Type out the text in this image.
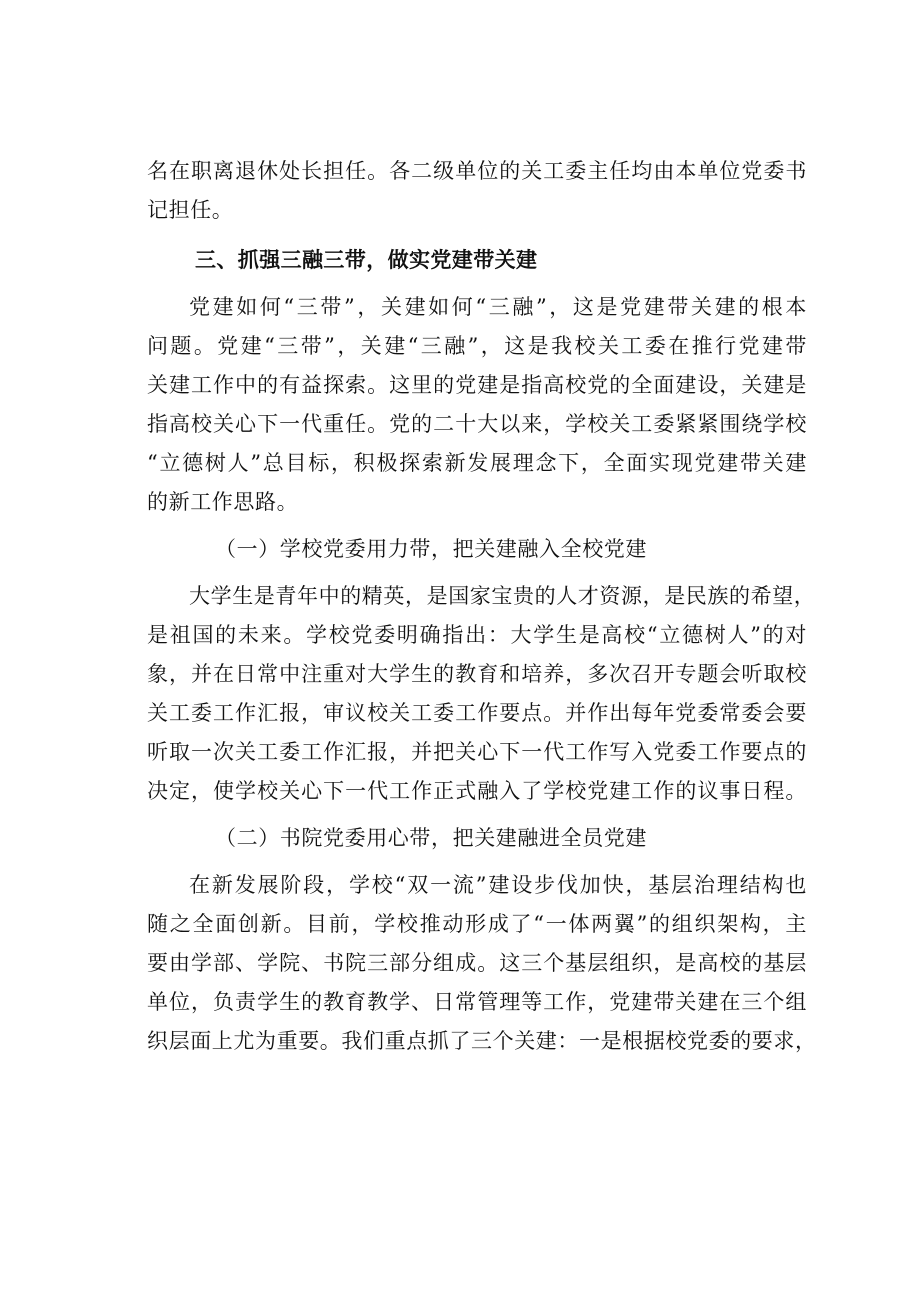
名在职离退休处长担任。各二级单位的关工委主任均由本单位党委书
记担任。
三、抓强三融三带，做实党建带关建
党建如何“三带”，关建如何“三融”，这是党建带关建的根本
问题。党建“三带”，关建“三融”，这是我校关工委在推行党建带
关建工作中的有益探索。这里的党建是指高校党的全面建设，关建是
指高校关心下一代重任。党的二十大以来，学校关工委紧紧围绕学校
“立德树人”总目标，积极探索新发展理念下，全面实现党建带关建
的新工作思路。
（一）学校党委用力带，把关建融入全校党建
大学生是青年中的精英，是国家宝贵的人才资源，是民族的希望，
是祖国的未来。学校党委明确指出：大学生是高校“立德树人”的对
象，并在日常中注重对大学生的教育和培养，多次召开专题会听取校
关工委工作汇报，审议校关工委工作要点。并作出每年党委常委会要
听取一次关工委工作汇报，并把关心下一代工作写入党委工作要点的
决定，使学校关心下一代工作正式融入了学校党建工作的议事日程。
（二）书院党委用心带，把关建融进全员党建
在新发展阶段，学校“双一流”建设步伐加快，基层治理结构也
随之全面创新。目前，学校推动形成了“一体两翼”的组织架构，主
要由学部、学院、书院三部分组成。这三个基层组织，是高校的基层
单位，负责学生的教育教学、日常管理等工作，党建带关建在三个组
织层面上尤为重要。我们重点抓了三个关建：一是根据校党委的要求，
